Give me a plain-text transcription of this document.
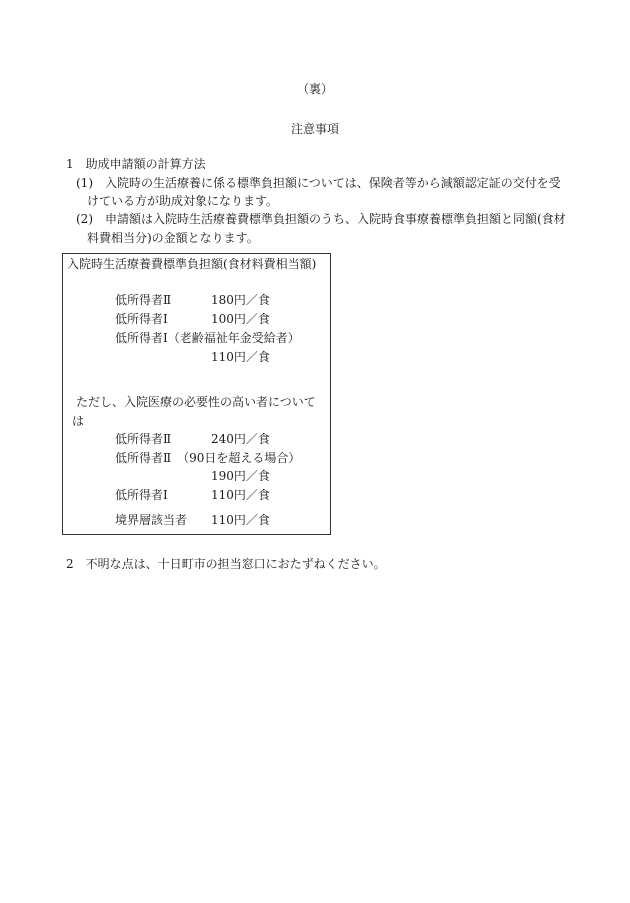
（裏）
注意事項
1　助成申請額の計算方法
(1)　入院時の生活療養に係る標準負担額については、保険者等から減額認定証の交付を受
けている方が助成対象になります。
(2)　申請額は入院時生活療養費標準負担額のうち、入院時食事療養標準負担額と同額(食材
料費相当分)の金額となります。
入院時生活療養費標準負担額(食材料費相当額)
低所得者Ⅱ	180円／食
低所得者Ⅰ	100円／食
低所得者Ⅰ（老齢福祉年金受給者）
110円／食
ただし、入院医療の必要性の高い者について
は
低所得者Ⅱ	240円／食
低所得者Ⅱ　（90日を超える場合）
190円／食
低所得者Ⅰ	110円／食
境界層該当者 110円／食
2　不明な点は、十日町市の担当窓口におたずねください。
